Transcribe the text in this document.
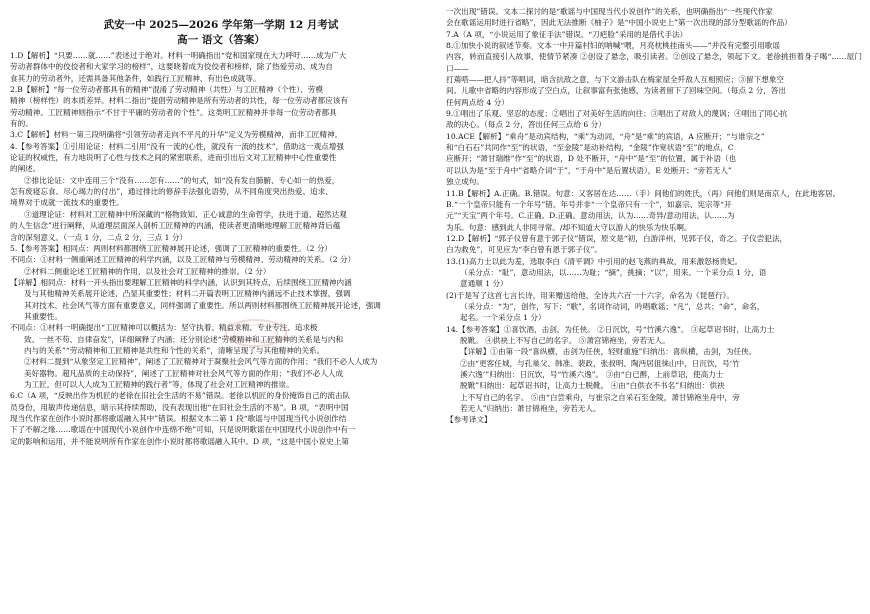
武安一中 2025—2026 学年第一学期 12 月考试
高一 语文（答案）
1.D【解析】“只要……就……”表述过于绝对。材料一明确指出“党和国家现在大力呼吁……成为广大
劳动者群体中的佼佼者和大家学习的榜样”，这要晓着成为佼佼者和榜样，除了热爱劳动、成为自
食其力的劳动者外，还需具备其他条件，如践行工匠精神、有出色成就等。
2.B【解析】“每一位劳动者都具有的精神”混淆了劳动精神（共性）与工匠精神（个性）、劳模
精神（榜样性）的本质差异。材料二指出“提倡劳动精神是所有劳动者的共性，每一位劳动者都应该有
劳动精神。工匠精神则指示“不甘于平庸的劳动者的个性”。这类明工匠精神并非每一位劳动者都具
有的。
3.C【解析】材料一第三段明确将“引领劳动者走向不平凡的升华”定义为劳模精神，而非工匠精神。
4.【参考答案】①引用论证：材料二引用“没有一流的心性，就没有一流的技术”，借助这一观点增强
论证的权威性，有力地说明了心性与技术之间的紧密联系，进而引出后文对工匠精神中心性重要性
的阐述。
②排比论证：文中连用三个“没有……怎有……”的句式，如“没有发自肺腑、专心如一的热爱，
怎有废寝忘食、尽心竭力的付出”，通过排比的修辞手法强化语势，从不同角度突出热爱、追求、
境界对于成就一流技术的重要性。
③道理论证：材料对工匠精神中所深藏的“格物致知、正心诚意的生命哲学，扶进于道、超然达观
的人生信念”进行阐释，从道理层面深入剖析工匠精神的内涵，使读者更清晰地理解工匠精神背后蕴
含的深刻意义。（一点 1 分，二点 2 分，三点 1 分）
5.【参考答案】相同点：两则材料都围绕工匠精神展开论述，强调了工匠精神的重要性。（2 分）
不同点：①材料一侧重阐述工匠精神的科学内涵，以及工匠精神与劳模精神、劳动精神的关系。（2 分）
②材料二侧重论述工匠精神的作用，以及社会对工匠精神的推崇。（2 分）
【详解】相同点：材料一开头指出要理解工匠精神的科学内涵，认识到其特点，后续围绕工匠精神内涵
及与其他精神关系展开论述，凸显其重要性；材料二开篇表明工匠精神内涵远不止技术掌握，强调
其对技术、社会风气等方面有重要意义，同样强调了重要性。所以两则材料都围绕工匠精神展开论述，强调
其重要性。
不同点：①材料一明确提出“工匠精神可以概括为：坚守执着、精益求精、专业专注、追求极
致、一丝不苟、自律奋发”，详细阐释了内涵；还分别论述“劳模精神和工匠精神的关系是与内和
内与的关系”“劳动精神和工匠精神是共性和个性的关系”，清晰呈现了与其他精神的关系。
②材料二提到“从象坚定工匠精神”，阐述了工匠精神对于凝聚社会风气等方面的作用；“我们不必人人成为
美好器物。超凡品质的主动保持”，阐述了工匠精神对社会风气等方面的作用；“我们不必人人成
为工匠，但可以人人成为工匠精神的践行者”等，体现了社会对工匠精神的推崇。
6.C（A 项，“反映出作为机匠的老徐在旧社会生活的不易”错误。老徐以机匠的身份掩饰自己的流击队
员身份，用敏声传递信息，暗示其持续帮助，没有表现出他“在旧社会生活的不易”。B 项，“表明中国
现当代作家在创作小说时都将歌谣融入其中”错误。根据文本二第 1 段“歌谣与中国现当代小说创作结
下了不解之缘……歌谣在中国现代小说创作中连绵不绝”可知，只是说明歌谣在中国现代小说创作中有一
定的影响和运用，并不能说明所有作家在创作小说时都将歌谣融入其中。D 项，“这是中国小说史上第
一次出现”错误。文本二探讨的是“歌谣与中国现当代小说创作”的关系，也明确指出“一些现代作家
会在歌谣运用时进行省略”，因此无法推断《柚子》是“中国小说史上”第一次出现的部分型歌谣的作品）
7.A（A 项，“小说运用了象征手法”错误。“刀疤脸”采用的是借代手法）
8.①加快小说的叙述节奏。文本一中开篇村妇的呐喊“喂，月亮枕桃挂南头——”并没有完整引用歌谣
内容，转而直接引入故事，使情节紧凑 ②创设了悬念，吸引读者。②创设了悬念，领起下文。老徐挑担着身子喝“……屋门口——
打蔫嗒——把人抖”等唱词，暗含抗敌之意，与下文游击队在梅家屋全歼敌人互相照应；③留下想象空
间。儿歌中省略的内容形成了空白点，让叙事富有张弛感，为读者留下了回味空间。（每点 2 分，答出
任何两点给 4 分）
9.①唱出了乐观、坚忍的态度；②唱出了对美好生活的向往；③唱出了对敌人的蔑讽；④唱出了同心抗
敌的决心。（每点 2 分，答出任何三点给 6 分）
10.ACE【解析】“乘舟”是动宾结构，“乘”为动词，“舟”是“乘”的宾语，A 应断开；“与谁宗之”
和“白石石”共同作“至”的状语，“至金陵”是动补结构，“金陵”作宽状语“至”的地点，C
应断开；“萧甘瑞维”作“至”的状语，D 处不断开，“舟中”是“至”的位置，属于补语（也
可以认为是“至于舟中”省略介词“于”，“于舟中”是后置状语），E 处断开；“旁若无人”
独立成句。
11.B【解析】A.正确。B.错误。句意：又客居在达……（手）间他们的姓氏，（再）问他们则是南京人，在此地客居。
B.“一个皇帝只能有一个年号”错。年号并非“一个皇帝只有一个”，如嘉宗、宪宗等“开
元”“天宝”两个年号。C.正确。D.正确。意动用法，认为……奇异/意动用法，认……为
为乐。句意：感到此人非同寻常。/却不知道大守以游人的快乐为快乐啊。
12.D【解析】“郭子仪曾有意于郭子仪”错误，原文是“初，白游洋州，见郭子仪，奇之。子仪尝犯法，
白为救免”，可见应为“李白曾有恩于郭子仪”。
13.(1)高力士以此为羞，选取李白《清平调》中引用的赵飞燕的典故，用来激怒杨贵妃。
（采分点：“耻”，意动用法，以……为耻；“摘”，挑摘；“以”，用来。一个采分点 1 分，语
意通顺 1 分）
(2)于是写了这首七言长诗，用来赠送给他，全诗共六百一十六字，命名为《琵琶行》。
（采分点：“为”，创作，写下；“歌”，名词作动词，吟唱歌谣；“凡”，总共；“命”，命名，
起名。一个采分点 1 分）
14.【参考答案】①喜饮酒，击剑，为任侠。 ②日沉饮，号“竹溪六逸”。 ③起草诏书时，让高力士
脱靴。 ④供袂上不写自己的名字。 ⑤萧宫锦袍坐，旁若无人。
【详解】①由第一段“喜纵横，击剑为任侠，轻财重施”归纳出：喜纵横，击剑，为任侠。
②由“更客任城，与孔巢父、韩准、裴政、张叔明、陶沔居徂徕山中，日沉饮，号‘竹
溪六逸’”归纳出：日沉饮，号“竹溪六逸”。 ③由“白已醉，上前草诏，使高力士
脱靴”归纳出：起草诏书时，让高力士脱靴。 ④由“白供衣不书名”归纳出：供袂
上不写自己的名字。 ⑤由“白尝乘舟，与崔宗之自采石至金陵，萧甘锦袍坐舟中，旁
若无人”归纳出：萧甘锦袍坐，旁若无人。
【参考译文】
